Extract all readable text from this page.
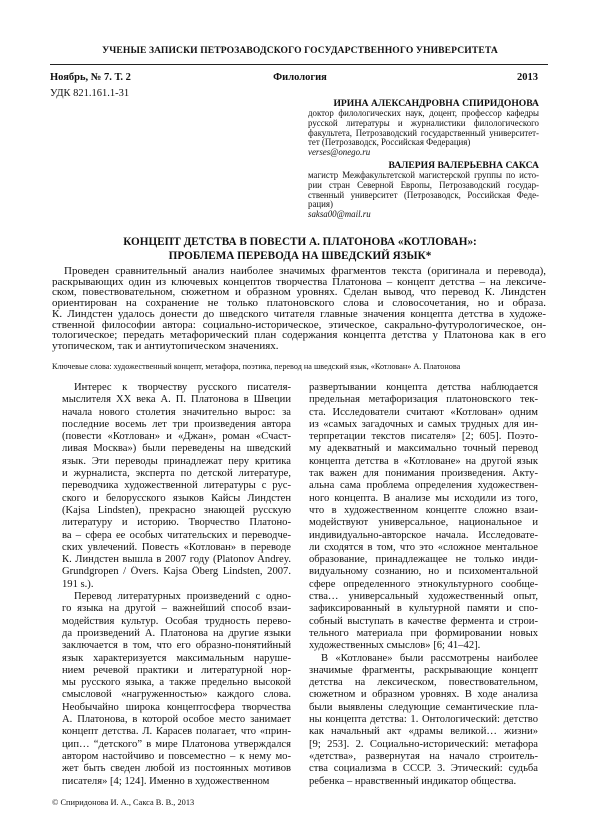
УЧЕНЫЕ ЗАПИСКИ ПЕТРОЗАВОДСКОГО ГОСУДАРСТВЕННОГО УНИВЕРСИТЕТА
Ноябрь, № 7. Т. 2	Филология	2013
УДК 821.161.1-31
ИРИНА АЛЕКСАНДРОВНА СПИРИДОНОВА
доктор филологических наук, доцент, профессор кафедры
русской литературы и журналистики филологического
факультета, Петрозаводский государственный университет-
тет (Петрозаводск, Российская Федерация)
verses@onego.ru
ВАЛЕРИЯ ВАЛЕРЬЕВНА САКСА
магистр Межфакультетской магистерской группы по исто-
рии стран Северной Европы, Петрозаводский государ-
ственный университет (Петрозаводск, Российская Феде-
рация)
saksa00@mail.ru
КОНЦЕПТ ДЕТСТВА В ПОВЕСТИ А. ПЛАТОНОВА «КОТЛОВАН»:
ПРОБЛЕМА ПЕРЕВОДА НА ШВЕДСКИЙ ЯЗЫК*
Проведен сравнительный анализ наиболее значимых фрагментов текста (оригинала и перевода),
раскрывающих один из ключевых концептов творчества Платонова – концепт детства – на лексиче-
ском, повествовательном, сюжетном и образном уровнях. Сделан вывод, что перевод К. Линдстен
ориентирован на сохранение не только платоновского слова и словосочетания, но и образа.
К. Линдстен удалось донести до шведского читателя главные значения концепта детства в художе-
ственной философии автора: социально-историческое, этическое, сакрально-футурологическое, он-
тологическое; передать метафорический план содержания концепта детства у Платонова как в его
утопическом, так и антиутопическом значениях.
Ключевые слова: художественный концепт, метафора, поэтика, перевод на шведский язык, «Котлован» А. Платонова
Интерес к творчеству русского писателя-
мыслителя XX века А. П. Платонова в Швеции
начала нового столетия значительно вырос: за
последние восемь лет три произведения автора
(повести «Котлован» и «Джан», роман «Счаст-
ливая Москва») были переведены на шведский
язык. Эти переводы принадлежат перу критика
и журналиста, эксперта по детской литературе,
переводчика художественной литературы с рус-
ского и белорусского языков Кайсы Линдстен
(Kajsa Lindsten), прекрасно знающей русскую
литературу и историю. Творчество Платоно-
ва – сфера ее особых читательских и переводче-
ских увлечений. Повесть «Котлован» в переводе
К. Линдстен вышла в 2007 году (Platonov Andrey.
Grundgropen / Övers. Kajsa Öberg Lindsten, 2007.
191 s.).
Перевод литературных произведений с одно-
го языка на другой – важнейший способ взаи-
модействия культур. Особая трудность перево-
да произведений А. Платонова на другие языки
заключается в том, что его образно-понятийный
язык характеризуется максимальным наруше-
нием речевой практики и литературной нор-
мы русского языка, а также предельно высокой
смысловой «нагруженностью» каждого слова.
Необычайно широка концептосфера творчества
А. Платонова, в которой особое место занимает
концепт детства. Л. Карасев полагает, что «прин-
цип… “детского” в мире Платонова утверждался
автором настойчиво и повсеместно – к нему мо-
жет быть сведен любой из постоянных мотивов
писателя» [4; 124]. Именно в художественном
развертывании концепта детства наблюдается
предельная метафоризация платоновского тек-
ста. Исследователи считают «Котлован» одним
из «самых загадочных и самых трудных для ин-
терпретации текстов писателя» [2; 605]. Поэто-
му адекватный и максимально точный перевод
концепта детства в «Котловане» на другой язык
так важен для понимания произведения. Акту-
альна сама проблема определения художествен-
ного концепта. В анализе мы исходили из того,
что в художественном концепте сложно взаи-
модействуют универсальное, национальное и
индивидуально-авторское начала. Исследовате-
ли сходятся в том, что это «сложное ментальное
образование, принадлежащее не только инди-
видуальному сознанию, но и психоментальной
сфере определенного этнокультурного сообще-
ства… универсальный художественный опыт,
зафиксированный в культурной памяти и спо-
собный выступать в качестве фермента и строи-
тельного материала при формировании новых
художественных смыслов» [6; 41–42].
В «Котловане» были рассмотрены наиболее
значимые фрагменты, раскрывающие концепт
детства на лексическом, повествовательном,
сюжетном и образном уровнях. В ходе анализа
были выявлены следующие семантические пла-
ны концепта детства: 1. Онтологический: детство
как начальный акт «драмы великой… жизни»
[9; 253]. 2. Социально-исторический: метафора
«детства», развернутая на начало строитель-
ства социализма в СССР. 3. Этический: судьба
ребенка – нравственный индикатор общества.
© Спиридонова И. А., Сакса В. В., 2013
